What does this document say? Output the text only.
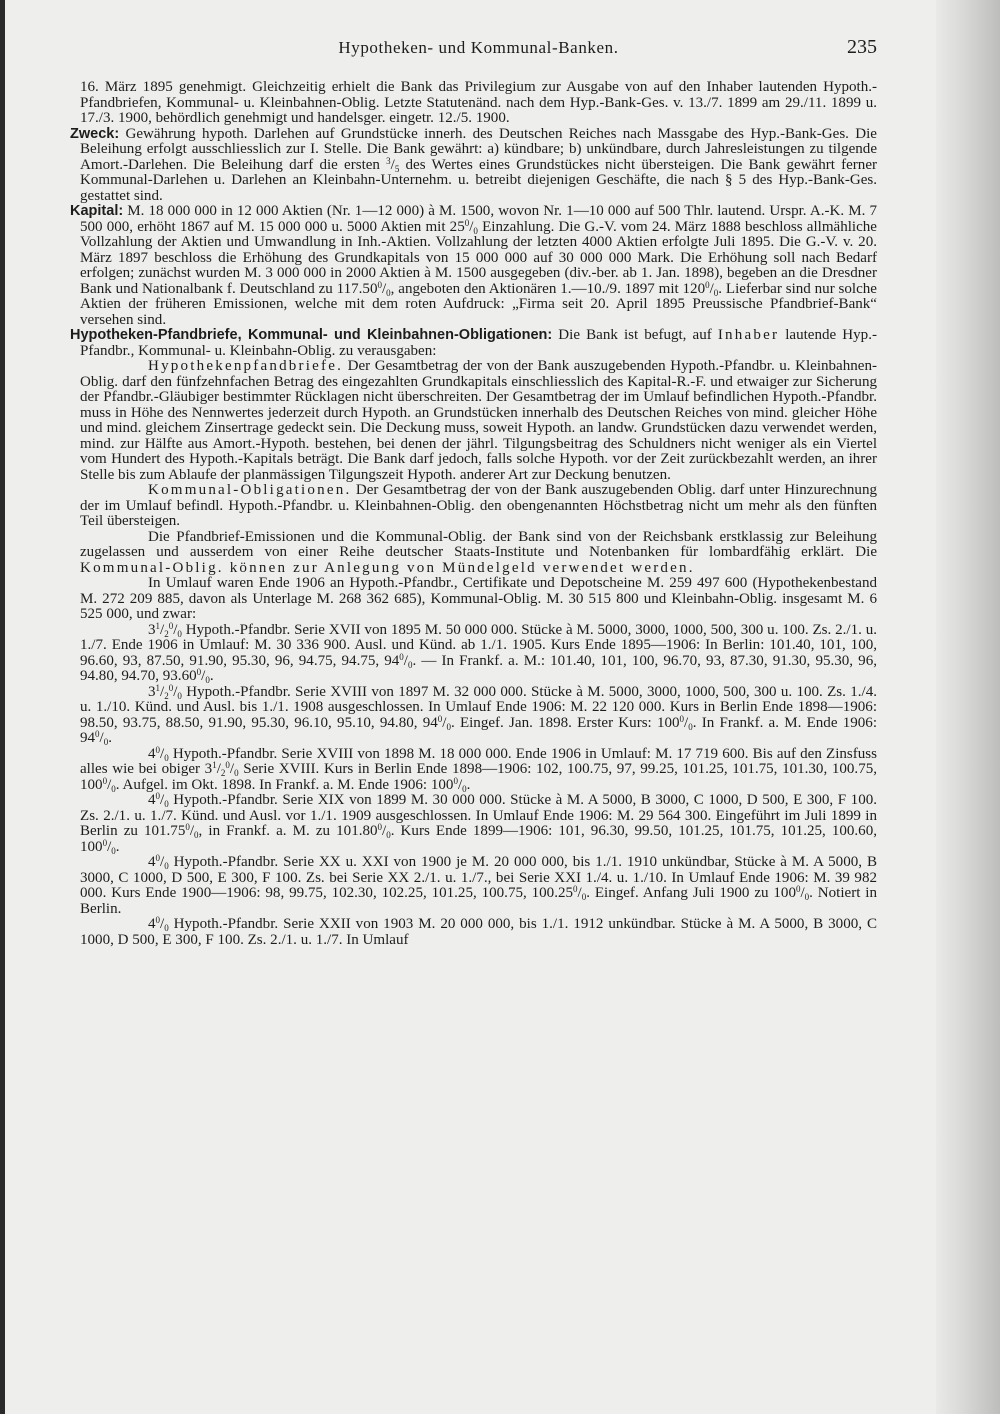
Hypotheken- und Kommunal-Banken.	235

16. März 1895 genehmigt. Gleichzeitig erhielt die Bank das Privilegium zur Ausgabe von auf den Inhaber lautenden Hypoth.-Pfandbriefen, Kommunal- u. Kleinbahnen-Oblig. Letzte Statutenänd. nach dem Hyp.-Bank-Ges. v. 13./7. 1899 am 29./11. 1899 u. 17./3. 1900, behördlich genehmigt und handelsger. eingetr. 12./5. 1900.

Zweck: Gewährung hypoth. Darlehen auf Grundstücke innerh. des Deutschen Reiches nach Massgabe des Hyp.-Bank-Ges. Die Beleihung erfolgt ausschliesslich zur I. Stelle. Die Bank gewährt: a) kündbare; b) unkündbare, durch Jahresleistungen zu tilgende Amort.-Darlehen. Die Beleihung darf die ersten $^3/_5$ des Wertes eines Grundstückes nicht übersteigen. Die Bank gewährt ferner Kommunal-Darlehen u. Darlehen an Kleinbahn-Unternehm. u. betreibt diejenigen Geschäfte, die nach § 5 des Hyp.-Bank-Ges. gestattet sind.

Kapital: M. 18 000 000 in 12 000 Aktien (Nr. 1—12 000) à M. 1500, wovon Nr. 1—10 000 auf 500 Thlr. lautend. Urspr. A.-K. M. 7 500 000, erhöht 1867 auf M. 15 000 000 u. 5000 Aktien mit $25^0/_0$ Einzahlung. Die G.-V. vom 24. März 1888 beschloss allmähliche Vollzahlung der Aktien und Umwandlung in Inh.-Aktien. Vollzahlung der letzten 4000 Aktien erfolgte Juli 1895. Die G.-V. v. 20. März 1897 beschloss die Erhöhung des Grundkapitals von 15 000 000 auf 30 000 000 Mark. Die Erhöhung soll nach Bedarf erfolgen; zunächst wurden M. 3 000 000 in 2000 Aktien à M. 1500 ausgegeben (div.-ber. ab 1. Jan. 1898), begeben an die Dresdner Bank und Nationalbank f. Deutschland zu $117.50^0/_0$, angeboten den Aktionären 1.—10./9. 1897 mit $120^0/_0$. Lieferbar sind nur solche Aktien der früheren Emissionen, welche mit dem roten Aufdruck: „Firma seit 20. April 1895 Preussische Pfandbrief-Bank“ versehen sind.

Hypotheken-Pfandbriefe, Kommunal- und Kleinbahnen-Obligationen: Die Bank ist befugt, auf Inhaber lautende Hyp.-Pfandbr., Kommunal- u. Kleinbahn-Oblig. zu verausgaben:

Hypothekenpfandbriefe. Der Gesamtbetrag der von der Bank auszugebenden Hypoth.-Pfandbr. u. Kleinbahnen-Oblig. darf den fünfzehnfachen Betrag des eingezahlten Grundkapitals einschliesslich des Kapital-R.-F. und etwaiger zur Sicherung der Pfandbr.-Gläubiger bestimmter Rücklagen nicht überschreiten. Der Gesamtbetrag der im Umlauf befindlichen Hypoth.-Pfandbr. muss in Höhe des Nennwertes jederzeit durch Hypoth. an Grundstücken innerhalb des Deutschen Reiches von mind. gleicher Höhe und mind. gleichem Zinsertrage gedeckt sein. Die Deckung muss, soweit Hypoth. an landw. Grundstücken dazu verwendet werden, mind. zur Hälfte aus Amort.-Hypoth. bestehen, bei denen der jährl. Tilgungsbeitrag des Schuldners nicht weniger als ein Viertel vom Hundert des Hypoth.-Kapitals beträgt. Die Bank darf jedoch, falls solche Hypoth. vor der Zeit zurückbezahlt werden, an ihrer Stelle bis zum Ablaufe der planmässigen Tilgungszeit Hypoth. anderer Art zur Deckung benutzen.

Kommunal-Obligationen. Der Gesamtbetrag der von der Bank auszugebenden Oblig. darf unter Hinzurechnung der im Umlauf befindl. Hypoth.-Pfandbr. u. Kleinbahnen-Oblig. den obengenannten Höchstbetrag nicht um mehr als den fünften Teil übersteigen.

Die Pfandbrief-Emissionen und die Kommunal-Oblig. der Bank sind von der Reichsbank erstklassig zur Beleihung zugelassen und ausserdem von einer Reihe deutscher Staats-Institute und Notenbanken für lombardfähig erklärt. Die Kommunal-Oblig. können zur Anlegung von Mündelgeld verwendet werden.

In Umlauf waren Ende 1906 an Hypoth.-Pfandbr., Certifikate und Depotscheine M. 259 497 600 (Hypothekenbestand M. 272 209 885, davon als Unterlage M. 268 362 685), Kommunal-Oblig. M. 30 515 800 und Kleinbahn-Oblig. insgesamt M. 6 525 000, und zwar:

$3^1/_2^0/_0$ Hypoth.-Pfandbr. Serie XVII von 1895 M. 50 000 000. Stücke à M. 5000, 3000, 1000, 500, 300 u. 100. Zs. 2./1. u. 1./7. Ende 1906 in Umlauf: M. 30 336 900. Ausl. und Künd. ab 1./1. 1905. Kurs Ende 1895—1906: In Berlin: 101.40, 101, 100, 96.60, 93, 87.50, 91.90, 95.30, 96, 94.75, 94.75, $94^0/_0$. — In Frankf. a. M.: 101.40, 101, 100, 96.70, 93, 87.30, 91.30, 95.30, 96, 94.80, 94.70, $93.60^0/_0$.

$3^1/_2^0/_0$ Hypoth.-Pfandbr. Serie XVIII von 1897 M. 32 000 000. Stücke à M. 5000, 3000, 1000, 500, 300 u. 100. Zs. 1./4. u. 1./10. Künd. und Ausl. bis 1./1. 1908 ausgeschlossen. In Umlauf Ende 1906: M. 22 120 000. Kurs in Berlin Ende 1898—1906: 98.50, 93.75, 88.50, 91.90, 95.30, 96.10, 95.10, 94.80, $94^0/_0$. Eingef. Jan. 1898. Erster Kurs: $100^0/_0$. In Frankf. a. M. Ende 1906: $94^0/_0$.

$4^0/_0$ Hypoth.-Pfandbr. Serie XVIII von 1898 M. 18 000 000. Ende 1906 in Umlauf: M. 17 719 600. Bis auf den Zinsfuss alles wie bei obiger $3^1/_2^0/_0$ Serie XVIII. Kurs in Berlin Ende 1898—1906: 102, 100.75, 97, 99.25, 101.25, 101.75, 101.30, 100.75, $100^0/_0$. Aufgel. im Okt. 1898. In Frankf. a. M. Ende 1906: $100^0/_0$.

$4^0/_0$ Hypoth.-Pfandbr. Serie XIX von 1899 M. 30 000 000. Stücke à M. A 5000, B 3000, C 1000, D 500, E 300, F 100. Zs. 2./1. u. 1./7. Künd. und Ausl. vor 1./1. 1909 ausgeschlossen. In Umlauf Ende 1906: M. 29 564 300. Eingeführt im Juli 1899 in Berlin zu $101.75^0/_0$, in Frankf. a. M. zu $101.80^0/_0$. Kurs Ende 1899—1906: 101, 96.30, 99.50, 101.25, 101.75, 101.25, 100.60, $100^0/_0$.

$4^0/_0$ Hypoth.-Pfandbr. Serie XX u. XXI von 1900 je M. 20 000 000, bis 1./1. 1910 unkündbar, Stücke à M. A 5000, B 3000, C 1000, D 500, E 300, F 100. Zs. bei Serie XX 2./1. u. 1./7., bei Serie XXI 1./4. u. 1./10. In Umlauf Ende 1906: M. 39 982 000. Kurs Ende 1900—1906: 98, 99.75, 102.30, 102.25, 101.25, 100.75, $100.25^0/_0$. Eingef. Anfang Juli 1900 zu $100^0/_0$. Notiert in Berlin.

$4^0/_0$ Hypoth.-Pfandbr. Serie XXII von 1903 M. 20 000 000, bis 1./1. 1912 unkündbar. Stücke à M. A 5000, B 3000, C 1000, D 500, E 300, F 100. Zs. 2./1. u. 1./7. In Umlauf
